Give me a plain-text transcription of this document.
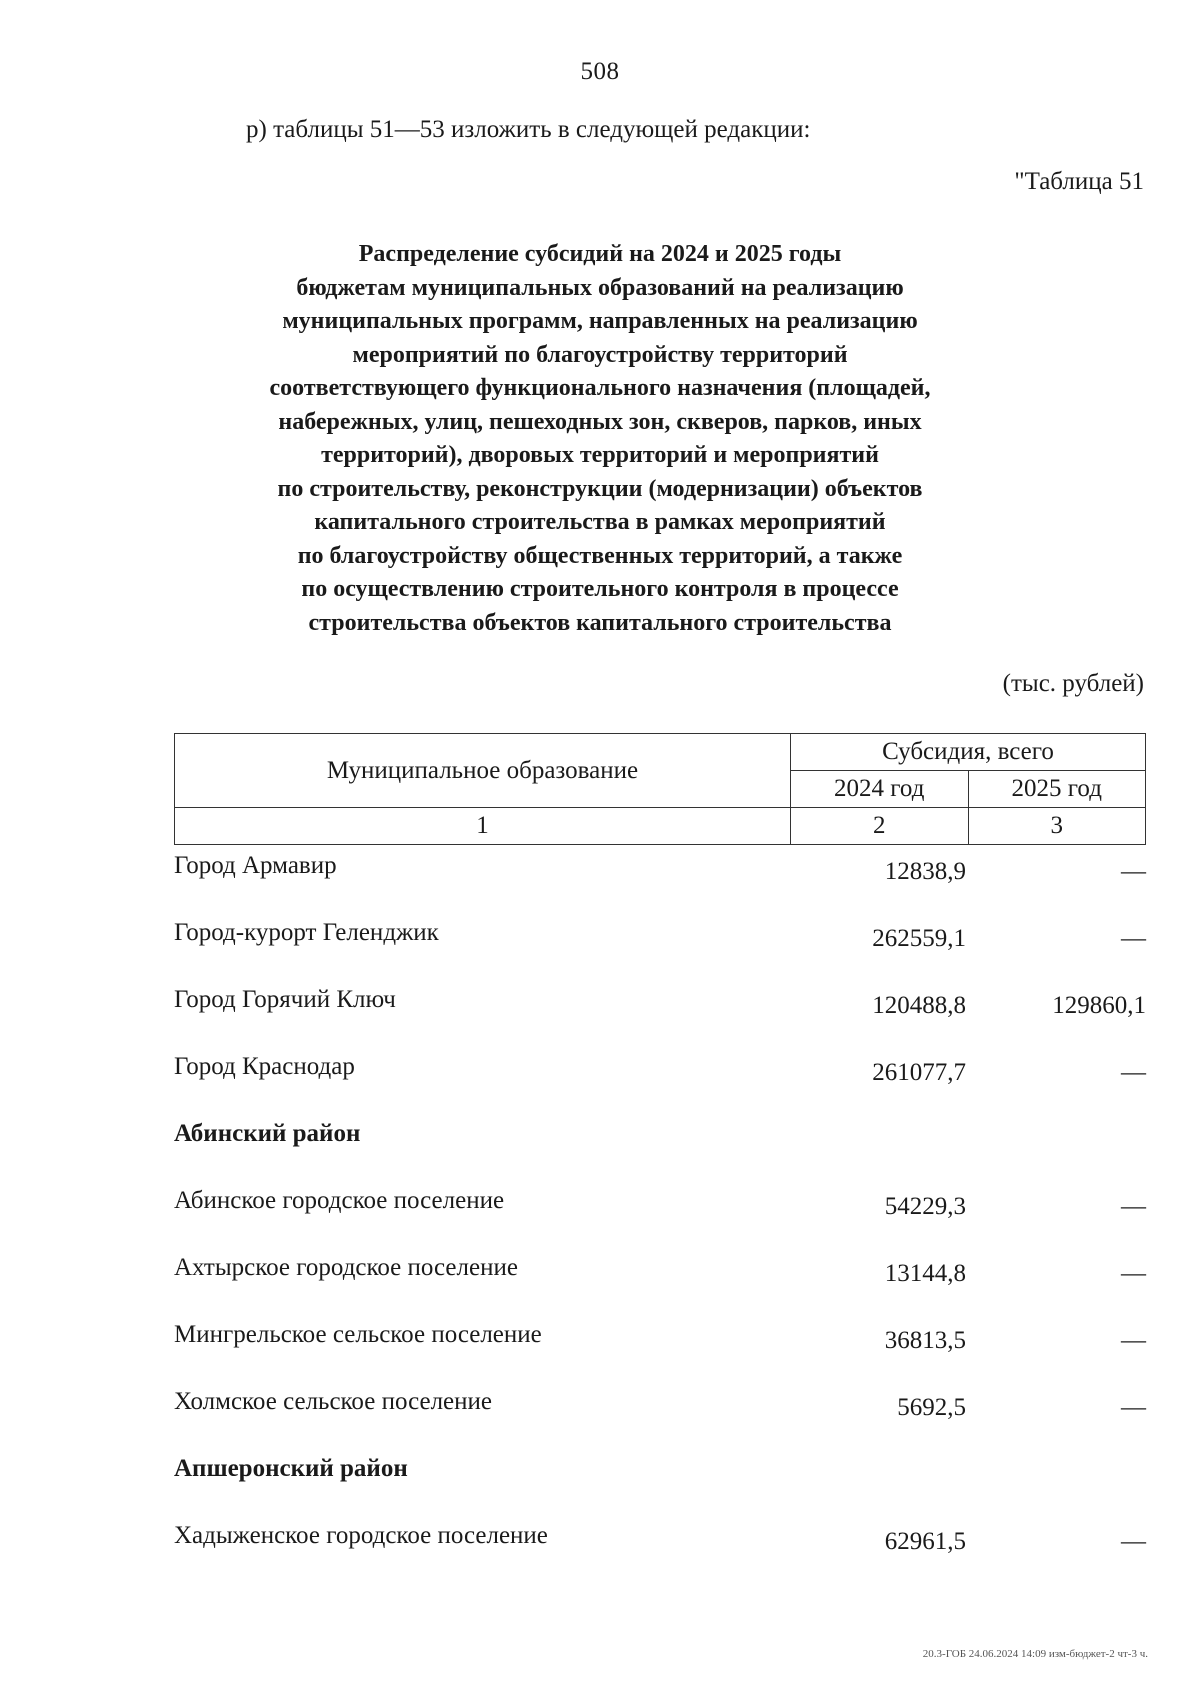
508
р) таблицы 51—53 изложить в следующей редакции:
"Таблица 51
Распределение субсидий на 2024 и 2025 годы
бюджетам муниципальных образований на реализацию
муниципальных программ, направленных на реализацию
мероприятий по благоустройству территорий
соответствующего функционального назначения (площадей,
набережных, улиц, пешеходных зон, скверов, парков, иных
территорий), дворовых территорий и мероприятий
по строительству, реконструкции (модернизации) объектов
капитального строительства в рамках мероприятий
по благоустройству общественных территорий, а также
по осуществлению строительного контроля в процессе
строительства объектов капитального строительства
(тыс. рублей)
Муниципальное образование	Субсидия, всего	
	2024 год	2025 год
1	2	3
Город Армавир	12838,9	—
Город-курорт Геленджик	262559,1	—
Город Горячий Ключ	120488,8	129860,1
Город Краснодар	261077,7	—
Абинский район
Абинское городское поселение	54229,3	—
Ахтырское городское поселение	13144,8	—
Мингрельское сельское поселение	36813,5	—
Холмское сельское поселение	5692,5	—
Апшеронский район
Хадыженское городское поселение	62961,5	—
20.3-ГОБ 24.06.2024 14:09 изм-бюджет-2 чт-3 ч.
